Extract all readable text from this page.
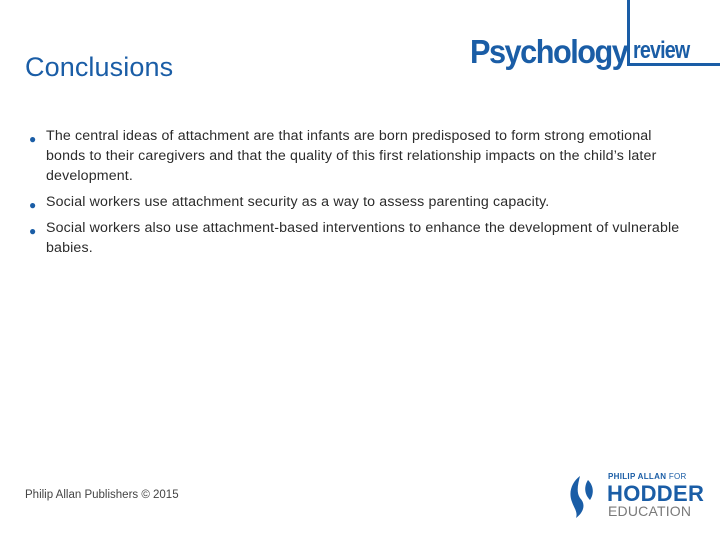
Conclusions	Psychology review
● The central ideas of attachment are that infants are born predisposed to form strong emotional bonds to their caregivers and that the quality of this first relationship impacts on the child’s later development.
● Social workers use attachment security as a way to assess parenting capacity.
● Social workers also use attachment-based interventions to enhance the development of vulnerable babies.
Philip Allan Publishers © 2015
PHILIP ALLAN FOR
HODDER
EDUCATION
